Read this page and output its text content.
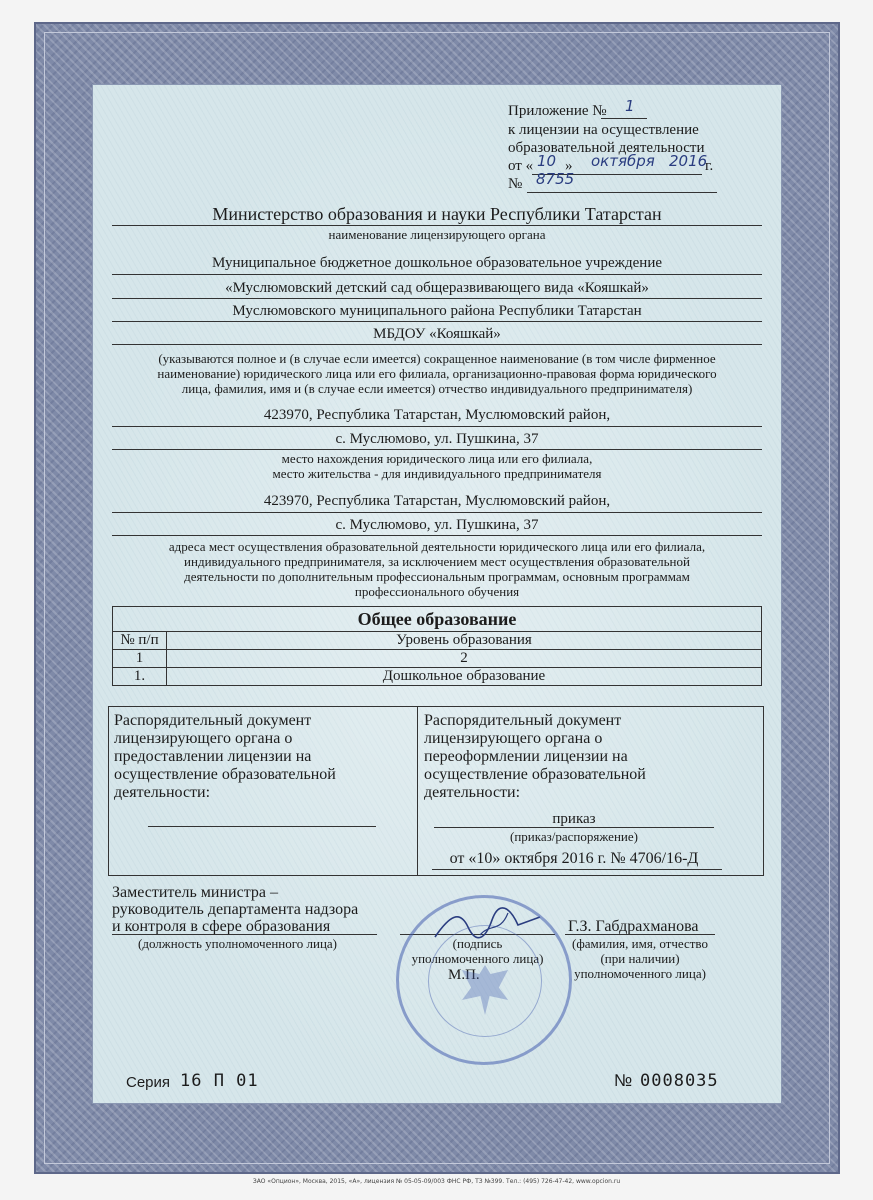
Приложение № 1
к лицензии на осуществление
образовательной деятельности
от « 10 » октября 2016
г.
№ 8755
Министерство образования и науки Республики Татарстан
наименование лицензирующего органа
Муниципальное бюджетное дошкольное образовательное учреждение
«Муслюмовский детский сад общеразвивающего вида «Кояшкай»
Муслюмовского муниципального района Республики Татарстан
МБДОУ «Кояшкай»
(указываются полное и (в случае если имеется) сокращенное наименование (в том числе фирменное
наименование) юридического лица или его филиала, организационно-правовая форма юридического
лица, фамилия, имя и (в случае если имеется) отчество индивидуального предпринимателя)
423970, Республика Татарстан, Муслюмовский район,
с. Муслюмово, ул. Пушкина, 37
место нахождения юридического лица или его филиала,
место жительства - для индивидуального предпринимателя
423970, Республика Татарстан, Муслюмовский район,
с. Муслюмово, ул. Пушкина, 37
адреса мест осуществления образовательной деятельности юридического лица или его филиала,
индивидуального предпринимателя, за исключением мест осуществления образовательной
деятельности по дополнительным профессиональным программам, основным программам
профессионального обучения
Общее образование	
№ п/п	Уровень образования
1	2
1.	Дошкольное образование
Распорядительный документ
лицензирующего органа о
предоставлении лицензии на
осуществление образовательной
деятельности:
Распорядительный документ
лицензирующего органа о
переоформлении лицензии на
осуществление образовательной
деятельности:
приказ
(приказ/распоряжение)
от «10» октября 2016 г. № 4706/16-Д
Заместитель министра –
руководитель департамента надзора
и контроля в сфере образования
(должность уполномоченного лица)	(подпись
уполномоченного лица)
М.П.
Г.З. Габдрахманова
(фамилия, имя, отчество
(при наличии)
уполномоченного лица)
Серия 16 П 01	№ 0008035
ЗАО «Опцион», Москва, 2015, «А», лицензия № 05-05-09/003 ФНС РФ, ТЗ №399. Тел.: (495) 726-47-42, www.opcion.ru
